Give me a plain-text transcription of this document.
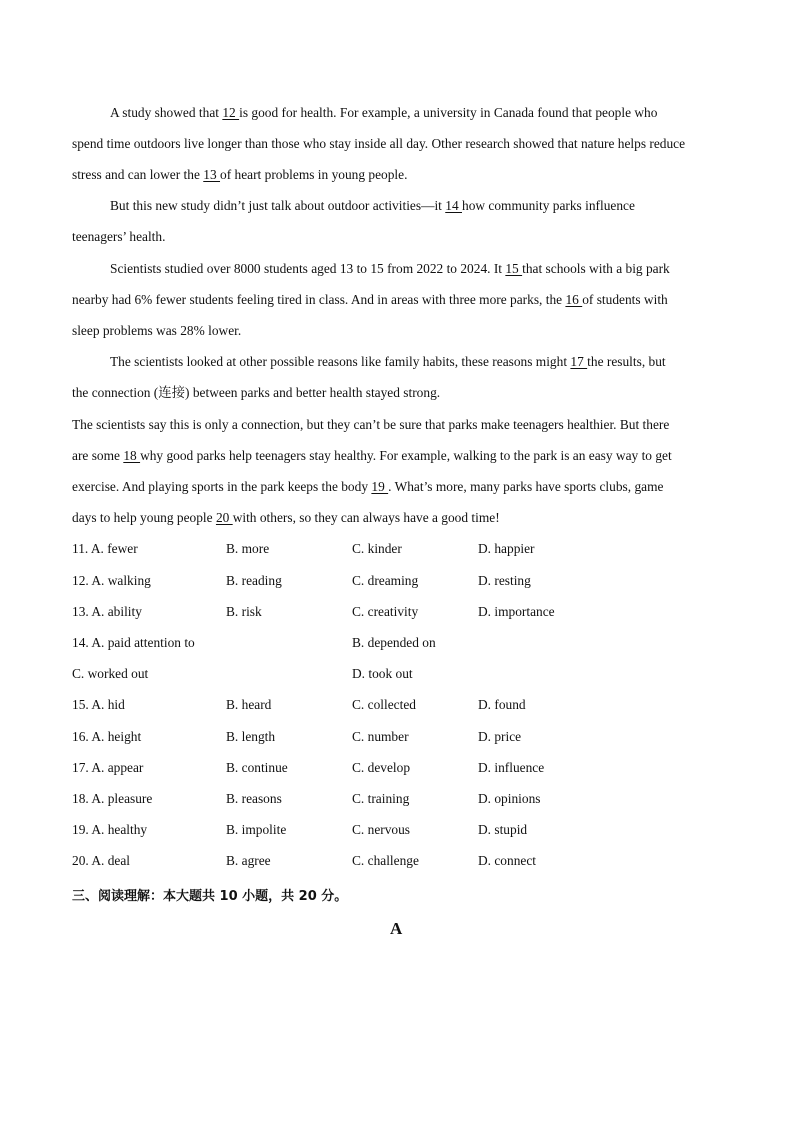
A study showed that 12 is good for health. For example, a university in Canada found that people who
spend time outdoors live longer than those who stay inside all day. Other research showed that nature helps reduce
stress and can lower the 13 of heart problems in young people.
But this new study didn’t just talk about outdoor activities—it 14 how community parks influence
teenagers’ health.
Scientists studied over 8000 students aged 13 to 15 from 2022 to 2024. It 15 that schools with a big park
nearby had 6% fewer students feeling tired in class. And in areas with three more parks, the 16 of students with
sleep problems was 28% lower.
The scientists looked at other possible reasons like family habits, these reasons might 17 the results, but
the connection (连接) between parks and better health stayed strong.
The scientists say this is only a connection, but they can’t be sure that parks make teenagers healthier. But there
are some 18 why good parks help teenagers stay healthy. For example, walking to the park is an easy way to get
exercise. And playing sports in the park keeps the body 19 . What’s more, many parks have sports clubs, game
days to help young people 20 with others, so they can always have a good time!
11. A. fewer	B. more	C. kinder	D. happier
12. A. walking	B. reading	C. dreaming	D. resting
13. A. ability	B. risk	C. creativity	D. importance
14. A. paid attention to	B. depended on
C. worked out	D. took out
15. A. hid	B. heard	C. collected	D. found
16. A. height	B. length	C. number	D. price
17. A. appear	B. continue	C. develop	D. influence
18. A. pleasure	B. reasons	C. training	D. opinions
19. A. healthy	B. impolite	C. nervous	D. stupid
20. A. deal	B. agree	C. challenge	D. connect
三、阅读理解：本大题共 10 小题，共 20 分。
A
